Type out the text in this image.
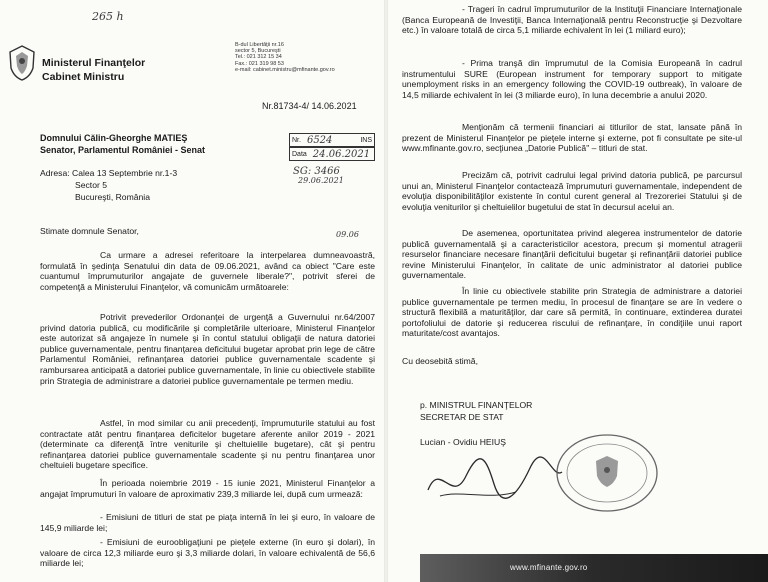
265 h
Ministerul Finanţelor
Cabinet Ministru
B-dul Libertăţii nr.16
sector 5, Bucureşti
Tel.: 021 312 15 34
Fax.: 021 319 98 53
e-mail: cabinet.ministru@mfinante.gov.ro
Nr.81734-4/ 14.06.2021
Domnului Călin-Gheorghe MATIEŞ
Senator, Parlamentul României - Senat
Nr. 6524	INS
Data 24.06.2021
SG: 3466
29.06.2021
Adresa: Calea 13 Septembrie nr.1-3
Sector 5
Bucureşti, România
Stimate domnule Senator,	09.06
Ca urmare a adresei referitoare la interpelarea dumneavoastră, formulată în şedinţa Senatului din data de 09.06.2021, având ca obiect "Care este cuantumul împrumuturilor angajate de guvernele liberale?", potrivit sferei de competenţă a Ministerului Finanţelor, vă comunicăm următoarele:
Potrivit prevederilor Ordonanţei de urgenţă a Guvernului nr.64/2007 privind datoria publică, cu modificările şi completările ulterioare, Ministerul Finanţelor este autorizat să angajeze în numele şi în contul statului obligaţii de natura datoriei publice guvernamentale, pentru finanţarea deficitului bugetar aprobat prin lege de către Parlamentul României, refinanţarea datoriei publice guvernamentale scadente şi rambursarea anticipată a datoriei publice guvernamentale, în linie cu obiectivele stabilite prin Strategia de administrare a datoriei publice guvernamentale pe termen mediu.
Astfel, în mod similar cu anii precedenţi, împrumuturile statului au fost contractate atât pentru finanţarea deficitelor bugetare aferente anilor 2019 - 2021 (determinate ca diferenţă între veniturile şi cheltuielile bugetare), cât şi pentru refinanţarea datoriei publice guvernamentale scadente şi nu pentru finanţarea unor cheltuieli bugetare specifice.
În perioada noiembrie 2019 - 15 iunie 2021, Ministerul Finanţelor a angajat împrumuturi în valoare de aproximativ 239,3 miliarde lei, după cum urmează:
- Emisiuni de titluri de stat pe piaţa internă în lei şi euro, în valoare de 145,9 miliarde lei;
- Emisiuni de euroobligaţiuni pe pieţele externe (în euro şi dolari), în valoare de circa 12,3 miliarde euro şi 3,3 miliarde dolari, în valoare echivalentă de 56,6 miliarde lei;
- Trageri în cadrul împrumuturilor de la Instituţii Financiare Internaţionale (Banca Europeană de Investiţii, Banca Internaţională pentru Reconstrucţie şi Dezvoltare etc.) în valoare totală de circa 5,1 miliarde echivalent în lei (1 miliard euro);
- Prima tranşă din împrumutul de la Comisia Europeană în cadrul instrumentului SURE (European instrument for temporary support to mitigate unemployment risks in an emergency following the COVID-19 outbreak), în valoare de 14,5 miliarde echivalent în lei (3 miliarde euro), în luna decembrie a anului 2020.
Menţionăm că termenii financiari ai titlurilor de stat, lansate până în prezent de Ministerul Finanţelor pe pieţele interne şi externe, pot fi consultate pe site-ul www.mfinante.gov.ro, secţiunea „Datorie Publică" – titluri de stat.
Precizăm că, potrivit cadrului legal privind datoria publică, pe parcursul unui an, Ministerul Finanţelor contactează împrumuturi guvernamentale, independent de evoluţia disponibilităţilor existente în contul curent general al Trezoreriei Statului şi de evoluţia veniturilor şi cheltuielilor bugetului de stat în decursul acelui an.
De asemenea, oportunitatea privind alegerea instrumentelor de datorie publică guvernamentală şi a caracteristicilor acestora, precum şi momentul atragerii resurselor financiare necesare finanţării deficitului bugetar şi refinanţării datoriei publice revine Ministerului Finanţelor, în calitate de unic administrator al datoriei publice guvernamentale.
În linie cu obiectivele stabilite prin Strategia de administrare a datoriei publice guvernamentale pe termen mediu, în procesul de finanţare se are în vedere o structură flexibilă a maturităţilor, dar care să permită, în continuare, extinderea duratei portofoliului de datorie şi reducerea riscului de refinanţare, în condiţiile unui raport maturitate/cost avantajos.
Cu deosebită stimă,
p. MINISTRUL FINANŢELOR
SECRETAR DE STAT
Lucian - Ovidiu HEIUŞ
www.mfinante.gov.ro
